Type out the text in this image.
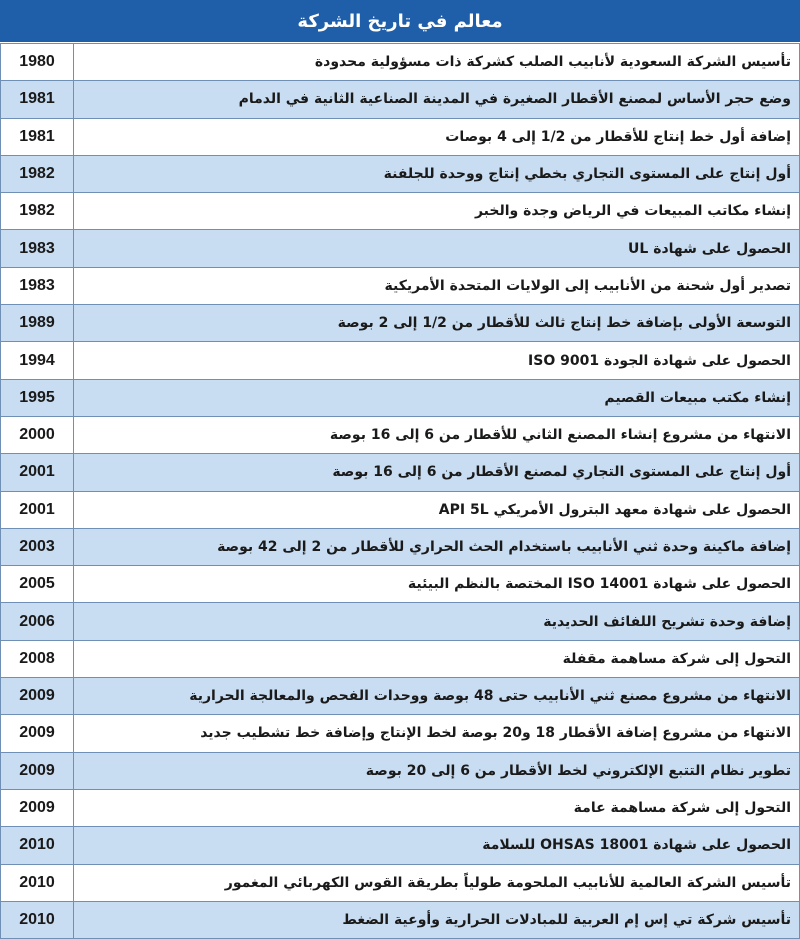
معالم في تاريخ الشركة
تأسيس الشركة السعودية لأنابيب الصلب كشركة ذات مسؤولية محدودة	1980
وضع حجر الأساس لمصنع الأقطار الصغيرة في المدينة الصناعية الثانية في الدمام	1981
إضافة أول خط إنتاج للأقطار من 1/2 إلى 4 بوصات	1981
أول إنتاج على المستوى التجاري بخطي إنتاج ووحدة للجلفنة	1982
إنشاء مكاتب المبيعات في الرياض وجدة والخبر	1982
الحصول على شهادة UL	1983
تصدير أول شحنة من الأنابيب إلى الولايات المتحدة الأمريكية	1983
التوسعة الأولى بإضافة خط إنتاج ثالث للأقطار من 1/2 إلى 2 بوصة	1989
الحصول على شهادة الجودة ISO 9001	1994
إنشاء مكتب مبيعات القصيم	1995
الانتهاء من مشروع إنشاء المصنع الثاني للأقطار من 6 إلى 16 بوصة	2000
أول إنتاج على المستوى التجاري لمصنع الأقطار من 6 إلى 16 بوصة	2001
الحصول على شهادة معهد البترول الأمريكي API 5L	2001
إضافة ماكينة وحدة ثني الأنابيب باستخدام الحث الحراري للأقطار من 2 إلى 42 بوصة	2003
الحصول على شهادة ISO 14001 المختصة بالنظم البيئية	2005
إضافة وحدة تشريح اللفائف الحديدية	2006
التحول إلى شركة مساهمة مقفلة	2008
الانتهاء من مشروع مصنع ثني الأنابيب حتى 48 بوصة ووحدات الفحص والمعالجة الحرارية	2009
الانتهاء من مشروع إضافة الأقطار 18 و20 بوصة لخط الإنتاج وإضافة خط تشطيب جديد	2009
تطوير نظام التتبع الإلكتروني لخط الأقطار من 6 إلى 20 بوصة	2009
التحول إلى شركة مساهمة عامة	2009
الحصول على شهادة OHSAS 18001 للسلامة	2010
تأسيس الشركة العالمية للأنابيب الملحومة طولياً بطريقة القوس الكهربائي المغمور	2010
تأسيس شركة تي إس إم العربية للمبادلات الحرارية وأوعية الضغط	2010
